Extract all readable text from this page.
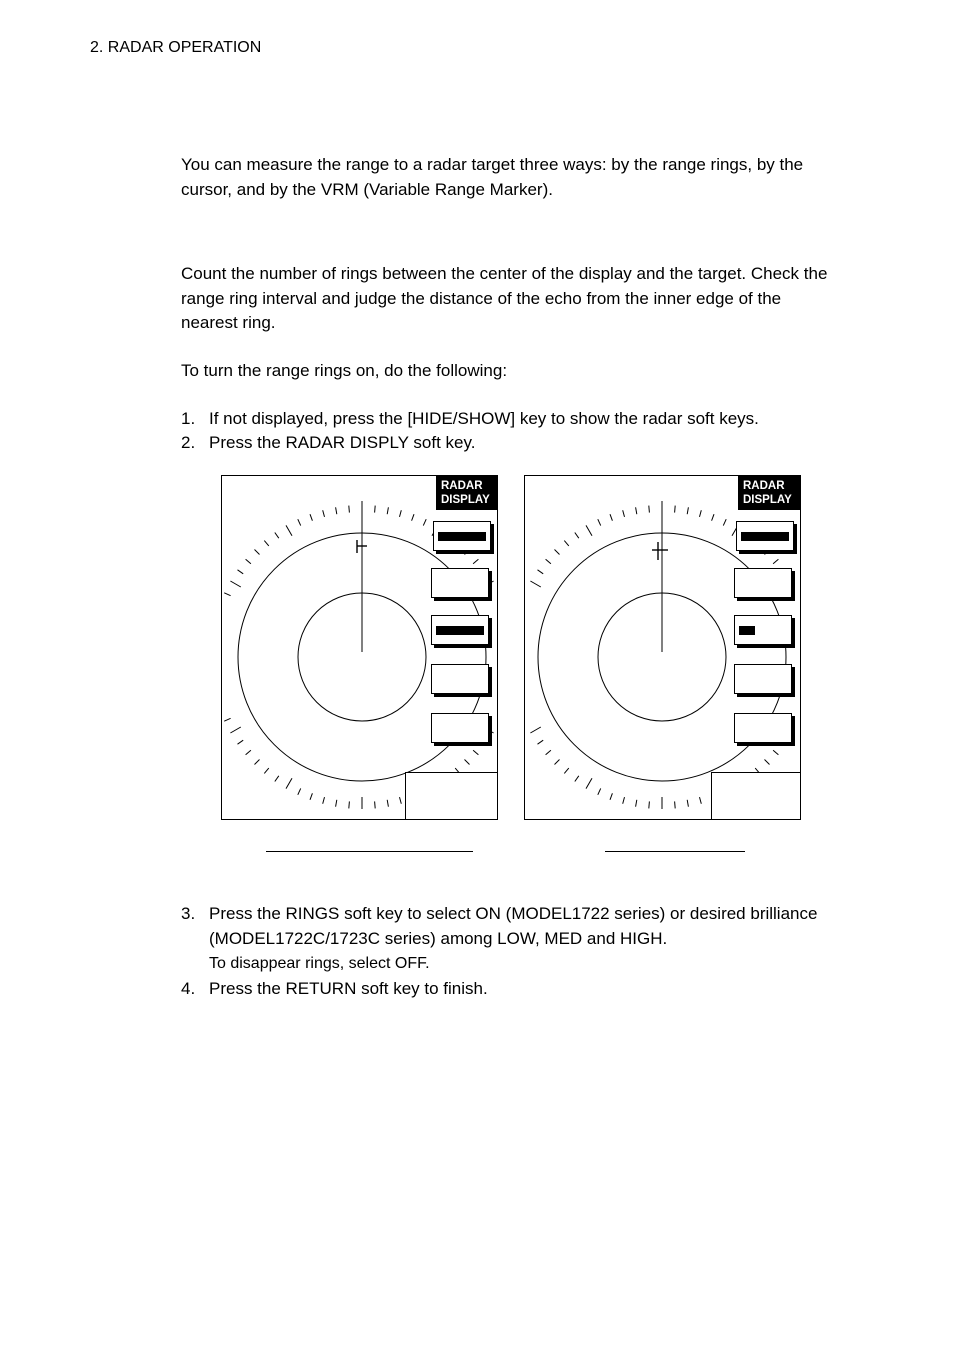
2. RADAR OPERATION

You can measure the range to a radar target three ways: by the range rings, by the cursor, and by the VRM (Variable Range Marker).

Count the number of rings between the center of the display and the target. Check the range ring interval and judge the distance of the echo from the inner edge of the nearest ring.

To turn the range rings on, do the following:

1. If not displayed, press the [HIDE/SHOW] key to show the radar soft keys.
2. Press the RADAR DISPLY soft key.
RADAR
DISPLAY
RADAR
DISPLAY
3. Press the RINGS soft key to select ON (MODEL1722 series) or desired brilliance (MODEL1722C/1723C series) among LOW, MED and HIGH.
To disappear rings, select OFF.
4. Press the RETURN soft key to finish.
